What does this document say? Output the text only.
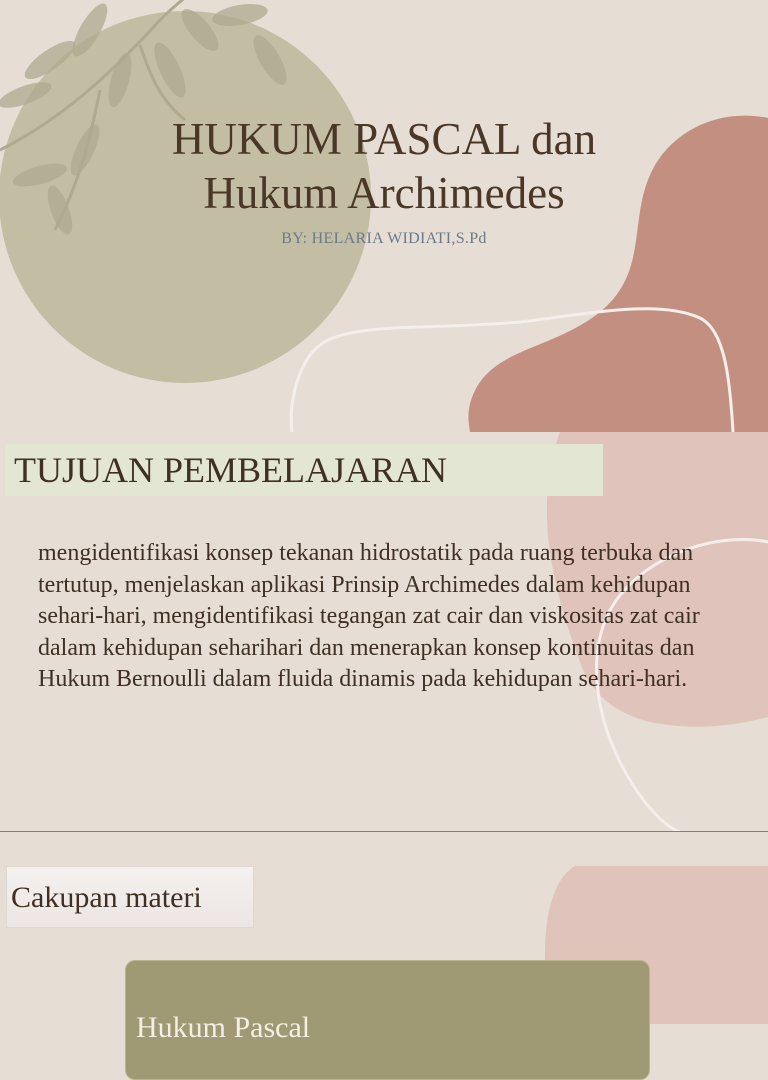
HUKUM PASCAL dan
Hukum Archimedes
BY: HELARIA WIDIATI,S.Pd
TUJUAN PEMBELAJARAN
mengidentifikasi konsep tekanan hidrostatik pada ruang terbuka dan tertutup, menjelaskan aplikasi Prinsip Archimedes dalam kehidupan sehari-hari, mengidentifikasi tegangan zat cair dan viskositas zat cair dalam kehidupan seharihari dan menerapkan konsep kontinuitas dan Hukum Bernoulli dalam fluida dinamis pada kehidupan sehari-hari.
Cakupan materi
Hukum Pascal
